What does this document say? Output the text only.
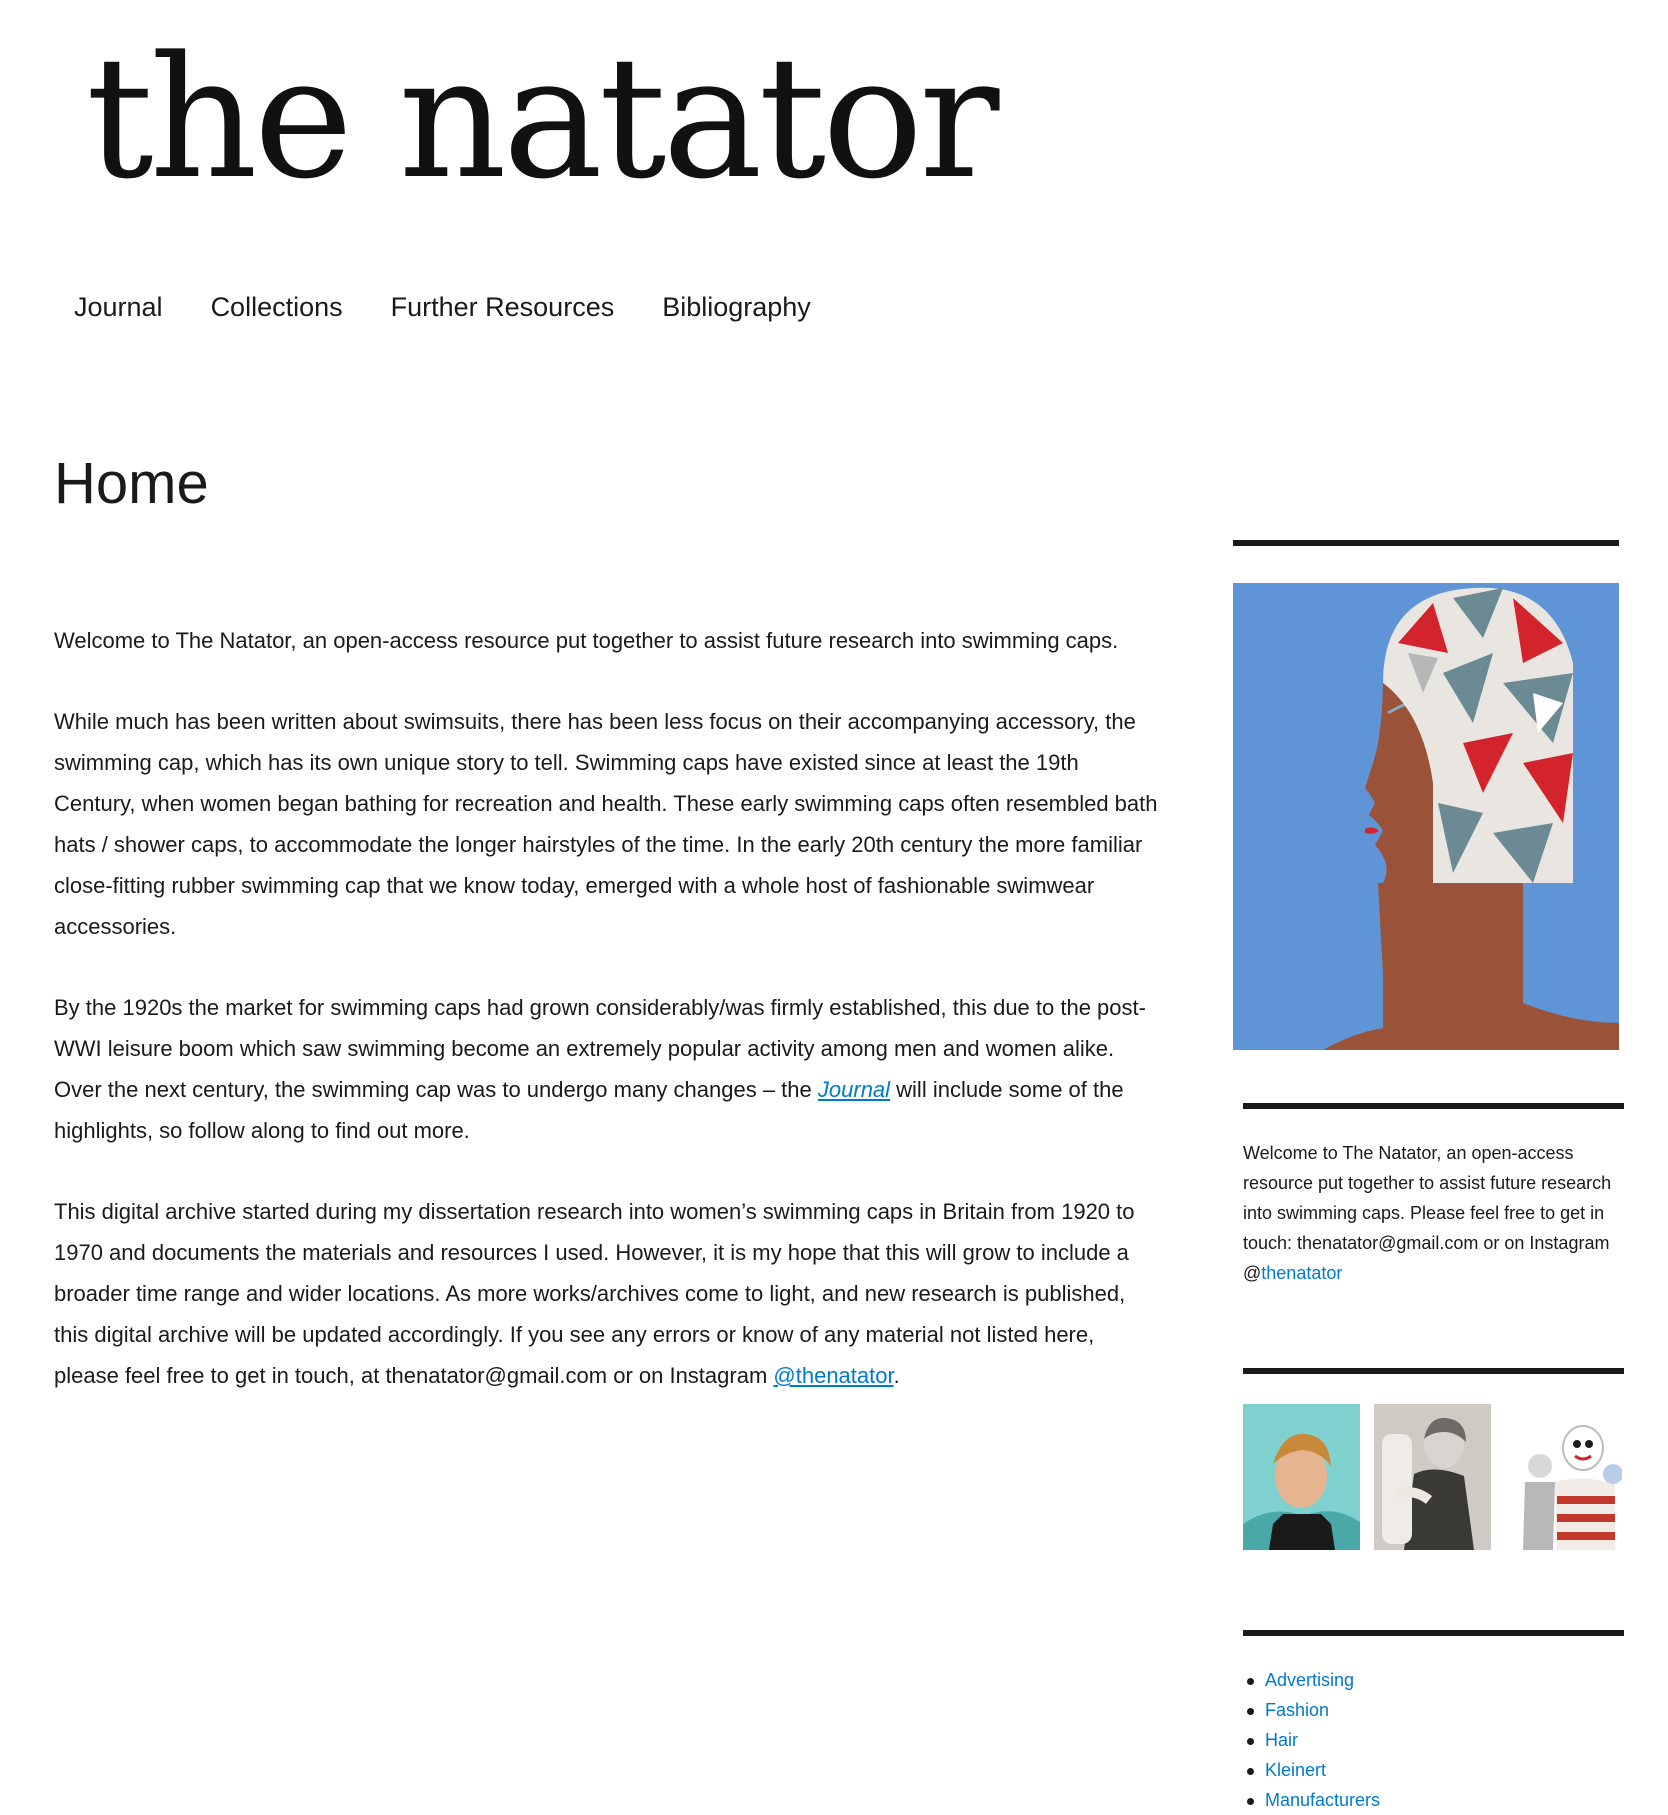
the natator
Journal Collections Further Resources Bibliography
Home

Welcome to The Natator, an open-access resource put together to assist future research into swimming caps.

While much has been written about swimsuits, there has been less focus on their accompanying accessory, the swimming cap, which has its own unique story to tell. Swimming caps have existed since at least the 19th Century, when women began bathing for recreation and health. These early swimming caps often resembled bath hats / shower caps, to accommodate the longer hairstyles of the time. In the early 20th century the more familiar close-fitting rubber swimming cap that we know today, emerged with a whole host of fashionable swimwear accessories.

By the 1920s the market for swimming caps had grown considerably/was firmly established, this due to the post-WWI leisure boom which saw swimming become an extremely popular activity among men and women alike. Over the next century, the swimming cap was to undergo many changes – the Journal will include some of the highlights, so follow along to find out more.

This digital archive started during my dissertation research into women’s swimming caps in Britain from 1920 to 1970 and documents the materials and resources I used. However, it is my hope that this will grow to include a broader time range and wider locations. As more works/archives come to light, and new research is published, this digital archive will be updated accordingly. If you see any errors or know of any material not listed here, please feel free to get in touch, at thenatator@gmail.com or on Instagram @thenatator.

Welcome to The Natator, an open-access resource put together to assist future research into swimming caps. Please feel free to get in touch: thenatator@gmail.com or on Instagram @thenatator
Advertising
Fashion
Hair
Kleinert
Manufacturers
